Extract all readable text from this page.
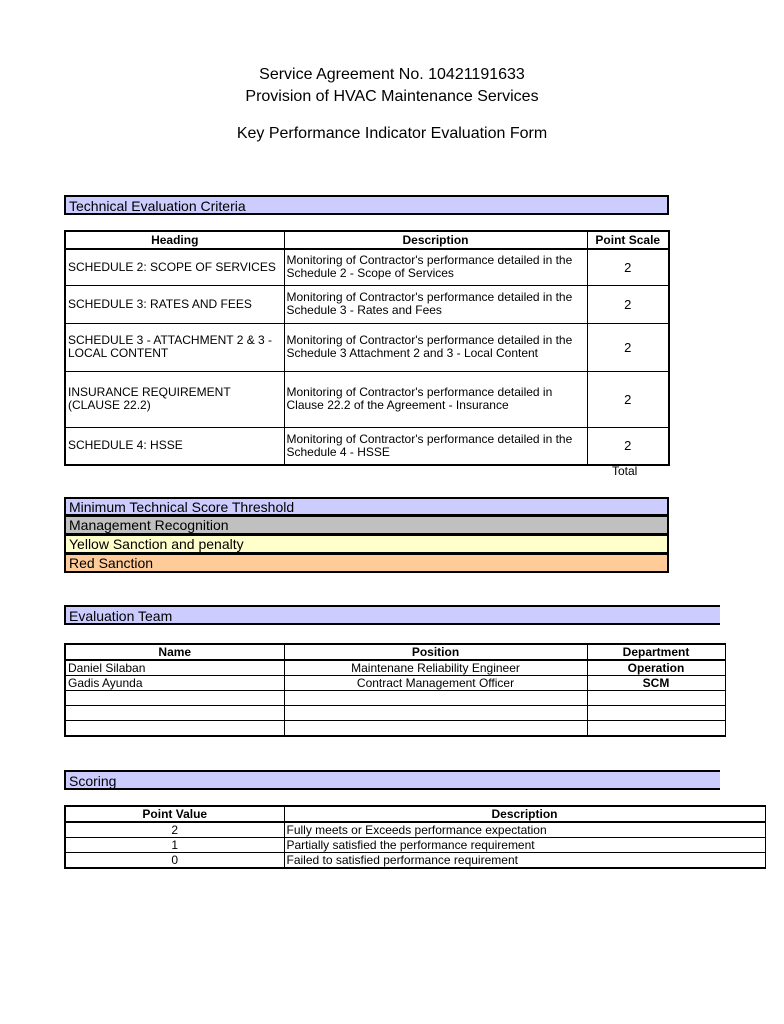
Service Agreement No. 10421191633
Provision of HVAC Maintenance Services
Key Performance Indicator Evaluation Form
Technical Evaluation Criteria
Heading	Description	Point Scale
SCHEDULE 2: SCOPE OF SERVICES	Monitoring of Contractor's performance detailed in the Schedule 2 - Scope of Services	2
SCHEDULE 3: RATES AND FEES	Monitoring of Contractor's performance detailed in the Schedule 3 - Rates and Fees	2
SCHEDULE 3 - ATTACHMENT 2 & 3 - LOCAL CONTENT	Monitoring of Contractor's performance detailed in the Schedule 3 Attachment 2 and 3 - Local Content	2
INSURANCE REQUIREMENT (CLAUSE 22.2)	Monitoring of Contractor's performance detailed in Clause 22.2 of the Agreement - Insurance	2
SCHEDULE 4: HSSE	Monitoring of Contractor's performance detailed in the Schedule 4 - HSSE	2
Total
Minimum Technical Score Threshold
Management Recognition
Yellow Sanction and penalty
Red Sanction
Evaluation Team
Name	Position	Department
Daniel Silaban	Maintenane Reliability Engineer	Operation
Gadis Ayunda	Contract Management Officer	SCM

Scoring
Point Value	Description
2	Fully meets or Exceeds performance expectation
1	Partially satisfied the performance requirement
0	Failed to satisfied performance requirement
